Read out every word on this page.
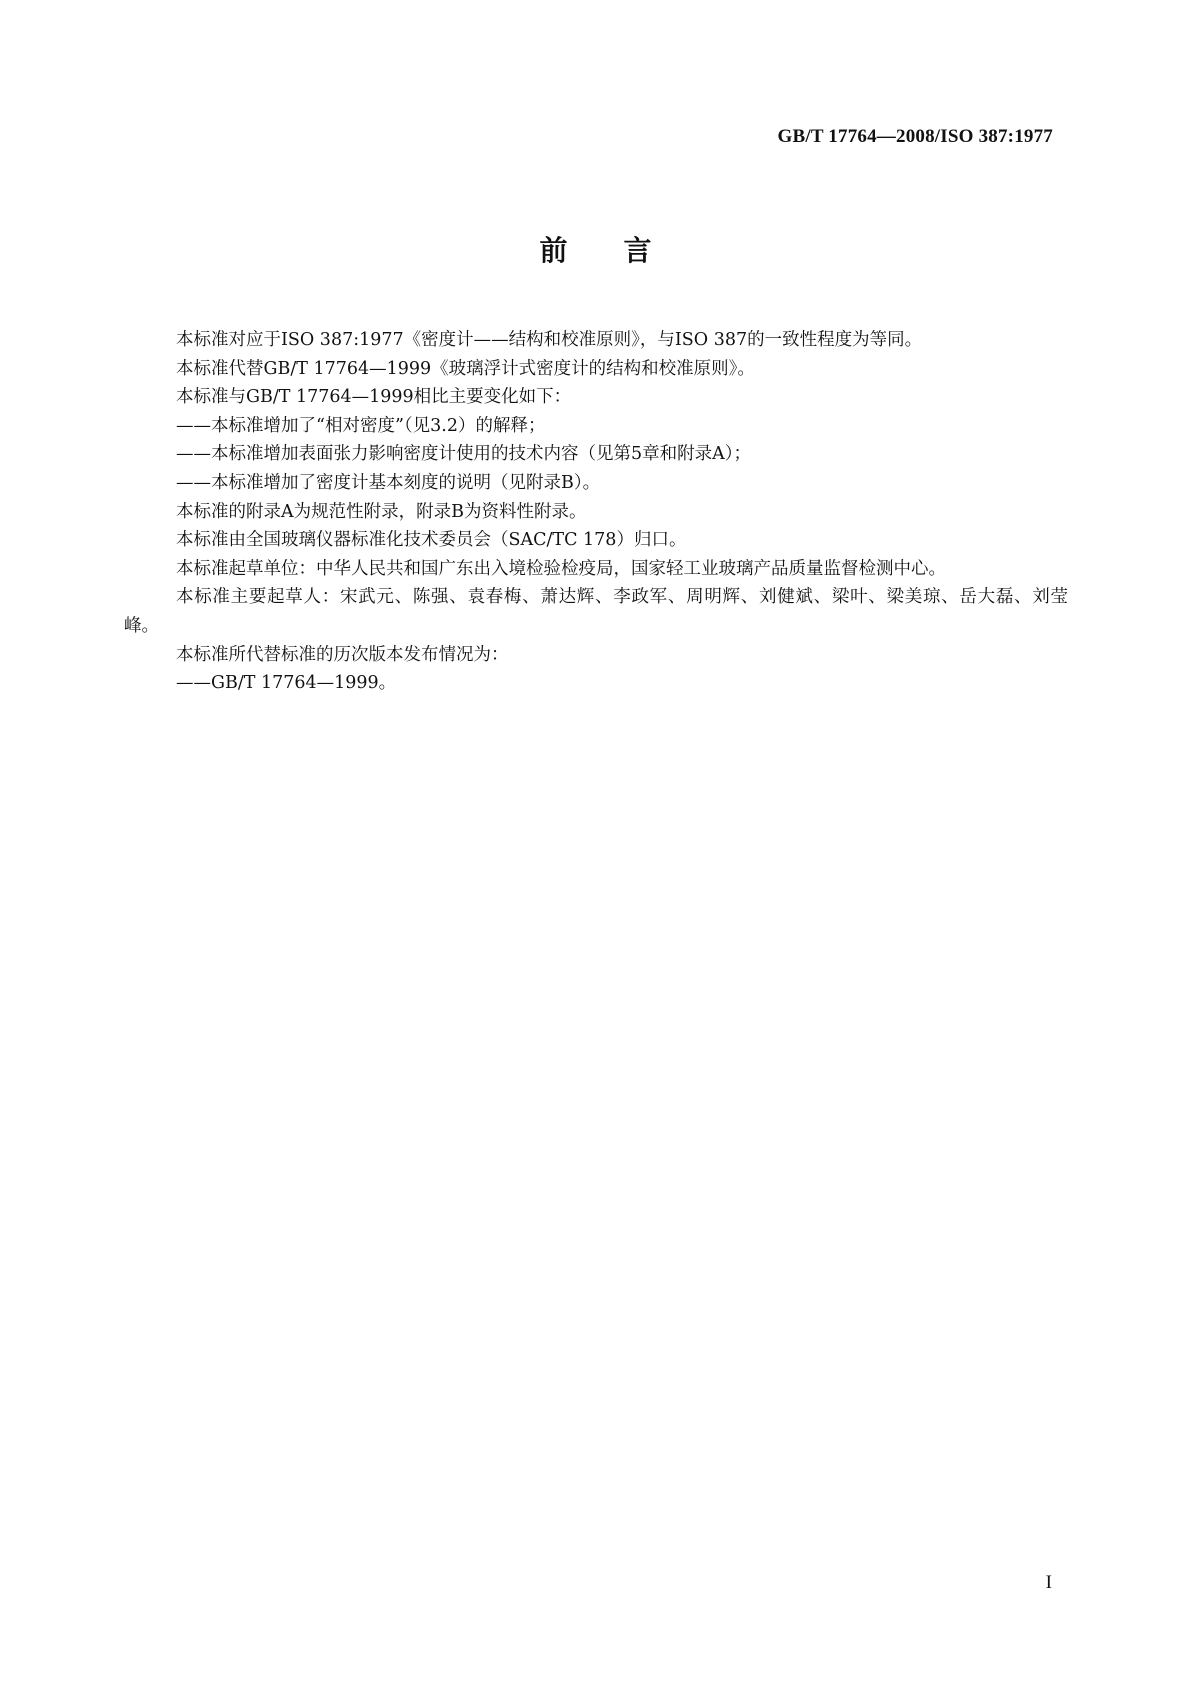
GB/T 17764—2008/ISO 387:1977
前言

本标准对应于ISO 387:1977《密度计——结构和校准原则》，与ISO 387的一致性程度为等同。

本标准代替GB/T 17764—1999《玻璃浮计式密度计的结构和校准原则》。

本标准与GB/T 17764—1999相比主要变化如下：

——本标准增加了“相对密度”（见3.2）的解释；

——本标准增加表面张力影响密度计使用的技术内容（见第5章和附录A）；

——本标准增加了密度计基本刻度的说明（见附录B）。

本标准的附录A为规范性附录，附录B为资料性附录。

本标准由全国玻璃仪器标准化技术委员会（SAC/TC 178）归口。

本标准起草单位：中华人民共和国广东出入境检验检疫局，国家轻工业玻璃产品质量监督检测中心。

本标准主要起草人：宋武元、陈强、袁春梅、萧达辉、李政军、周明辉、刘健斌、梁叶、梁美琼、岳大磊、刘莹峰。

本标准所代替标准的历次版本发布情况为：

——GB/T 17764—1999。

I
